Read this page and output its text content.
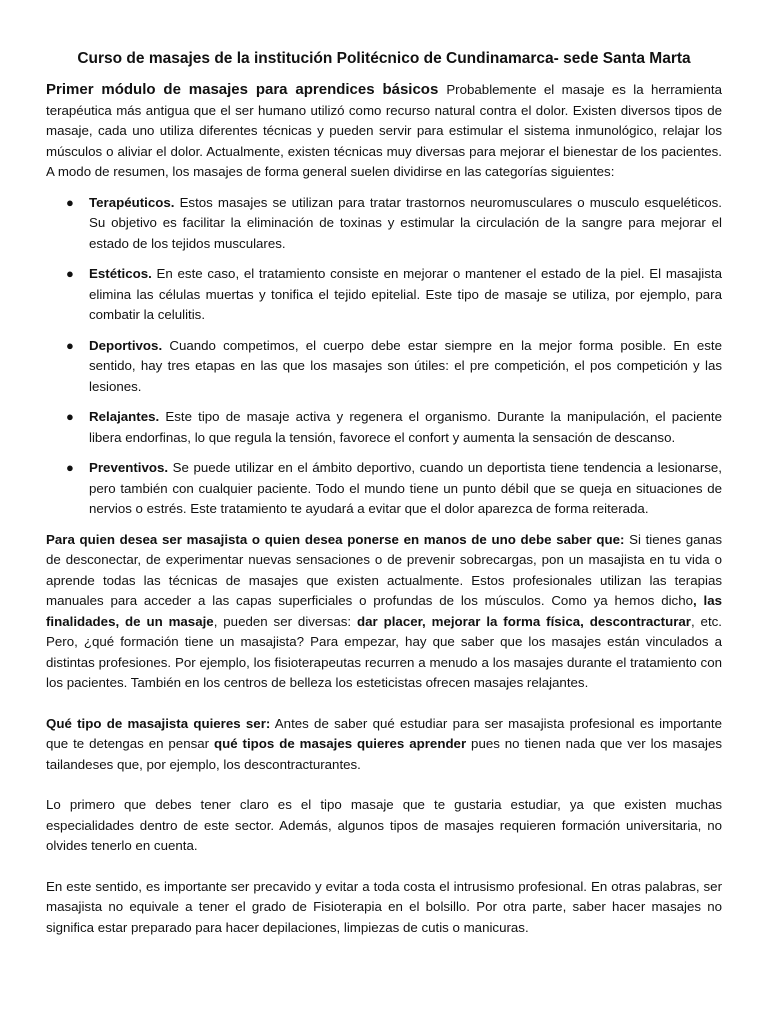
Curso de masajes de la institución Politécnico de Cundinamarca- sede Santa Marta

Primer módulo de masajes para aprendices básicos Probablemente el masaje es la herramienta terapéutica más antigua que el ser humano utilizó como recurso natural contra el dolor. Existen diversos tipos de masaje, cada uno utiliza diferentes técnicas y pueden servir para estimular el sistema inmunológico, relajar los músculos o aliviar el dolor. Actualmente, existen técnicas muy diversas para mejorar el bienestar de los pacientes. A modo de resumen, los masajes de forma general suelen dividirse en las categorías siguientes:

● Terapéuticos. Estos masajes se utilizan para tratar trastornos neuromusculares o musculo esqueléticos. Su objetivo es facilitar la eliminación de toxinas y estimular la circulación de la sangre para mejorar el estado de los tejidos musculares.
● Estéticos. En este caso, el tratamiento consiste en mejorar o mantener el estado de la piel. El masajista elimina las células muertas y tonifica el tejido epitelial. Este tipo de masaje se utiliza, por ejemplo, para combatir la celulitis.
● Deportivos. Cuando competimos, el cuerpo debe estar siempre en la mejor forma posible. En este sentido, hay tres etapas en las que los masajes son útiles: el pre competición, el pos competición y las lesiones.
● Relajantes. Este tipo de masaje activa y regenera el organismo. Durante la manipulación, el paciente libera endorfinas, lo que regula la tensión, favorece el confort y aumenta la sensación de descanso.
● Preventivos. Se puede utilizar en el ámbito deportivo, cuando un deportista tiene tendencia a lesionarse, pero también con cualquier paciente. Todo el mundo tiene un punto débil que se queja en situaciones de nervios o estrés. Este tratamiento te ayudará a evitar que el dolor aparezca de forma reiterada.

Para quien desea ser masajista o quien desea ponerse en manos de uno debe saber que: Si tienes ganas de desconectar, de experimentar nuevas sensaciones o de prevenir sobrecargas, pon un masajista en tu vida o aprende todas las técnicas de masajes que existen actualmente. Estos profesionales utilizan las terapias manuales para acceder a las capas superficiales o profundas de los músculos. Como ya hemos dicho, las finalidades, de un masaje, pueden ser diversas: dar placer, mejorar la forma física, descontracturar, etc. Pero, ¿qué formación tiene un masajista? Para empezar, hay que saber que los masajes están vinculados a distintas profesiones. Por ejemplo, los fisioterapeutas recurren a menudo a los masajes durante el tratamiento con los pacientes. También en los centros de belleza los esteticistas ofrecen masajes relajantes.

Qué tipo de masajista quieres ser: Antes de saber qué estudiar para ser masajista profesional es importante que te detengas en pensar qué tipos de masajes quieres aprender pues no tienen nada que ver los masajes tailandeses que, por ejemplo, los descontracturantes.

Lo primero que debes tener claro es el tipo masaje que te gustaria estudiar, ya que existen muchas especialidades dentro de este sector. Además, algunos tipos de masajes requieren formación universitaria, no olvides tenerlo en cuenta.

En este sentido, es importante ser precavido y evitar a toda costa el intrusismo profesional. En otras palabras, ser masajista no equivale a tener el grado de Fisioterapia en el bolsillo. Por otra parte, saber hacer masajes no significa estar preparado para hacer depilaciones, limpiezas de cutis o manicuras.
